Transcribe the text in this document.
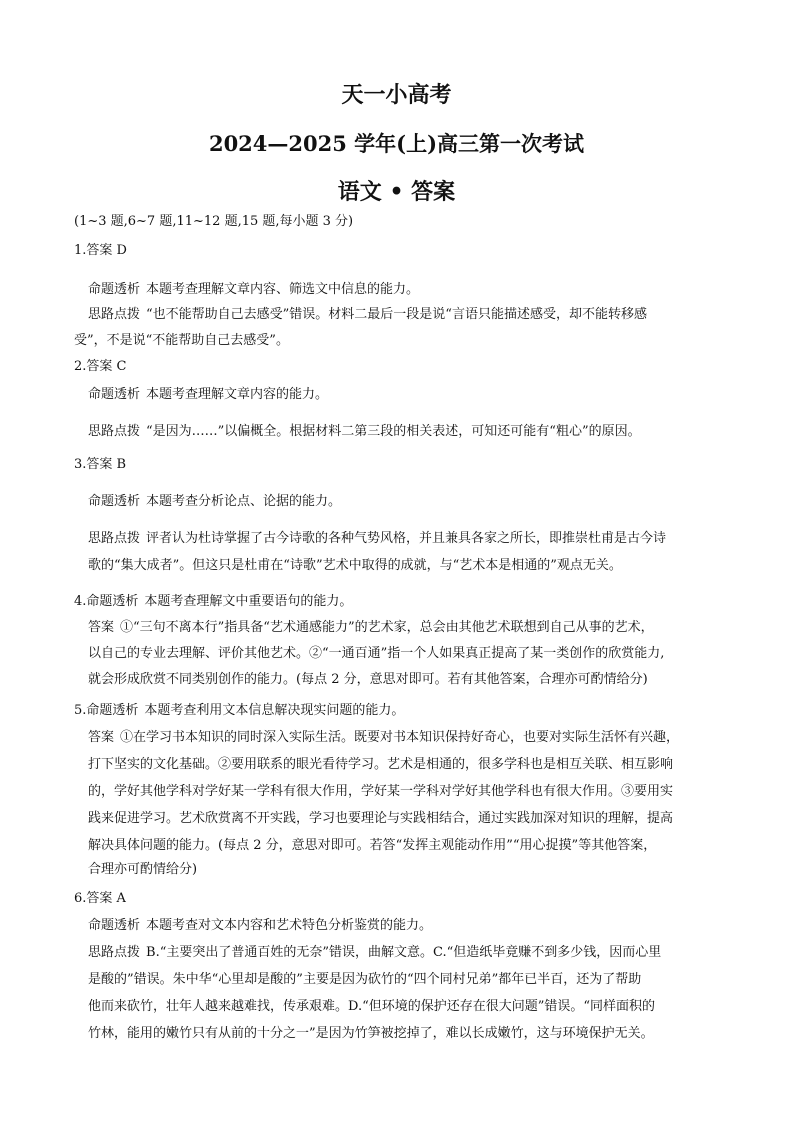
天一小高考
2024—2025 学年(上)高三第一次考试
语文 • 答案
(1~3 题,6~7 题,11~12 题,15 题,每小题 3 分)
1.答案 D
命题透析 本题考查理解文章内容、筛选文中信息的能力。
思路点拨 “也不能帮助自己去感受”错误。材料二最后一段是说“言语只能描述感受，却不能转移感
受”，不是说“不能帮助自己去感受”。
2.答案 C
命题透析 本题考查理解文章内容的能力。
思路点拨 “是因为……”以偏概全。根据材料二第三段的相关表述，可知还可能有“粗心”的原因。
3.答案 B
命题透析 本题考查分析论点、论据的能力。
思路点拨 评者认为杜诗掌握了古今诗歌的各种气势风格，并且兼具各家之所长，即推崇杜甫是古今诗
歌的“集大成者”。但这只是杜甫在“诗歌”艺术中取得的成就，与“艺术本是相通的”观点无关。
4.命题透析 本题考查理解文中重要语句的能力。
答案 ①“三句不离本行”指具备“艺术通感能力”的艺术家，总会由其他艺术联想到自己从事的艺术，
以自己的专业去理解、评价其他艺术。②“一通百通”指一个人如果真正提高了某一类创作的欣赏能力,
就会形成欣赏不同类别创作的能力。(每点 2 分，意思对即可。若有其他答案，合理亦可酌情给分)
5.命题透析 本题考查利用文本信息解决现实问题的能力。
答案 ①在学习书本知识的同时深入实际生活。既要对书本知识保持好奇心，也要对实际生活怀有兴趣，
打下坚实的文化基础。②要用联系的眼光看待学习。艺术是相通的，很多学科也是相互关联、相互影响
的，学好其他学科对学好某一学科有很大作用，学好某一学科对学好其他学科也有很大作用。③要用实
践来促进学习。艺术欣赏离不开实践，学习也要理论与实践相结合，通过实践加深对知识的理解，提高
解决具体问题的能力。(每点 2 分，意思对即可。若答“发挥主观能动作用”“用心捉摸”等其他答案，
合理亦可酌情给分)
6.答案 A
命题透析 本题考查对文本内容和艺术特色分析鉴赏的能力。
思路点拨 B.“主要突出了普通百姓的无奈”错误，曲解文意。C.“但造纸毕竟赚不到多少钱，因而心里
是酸的”错误。朱中华“心里却是酸的”主要是因为砍竹的“四个同村兄弟”都年已半百，还为了帮助
他而来砍竹，壮年人越来越难找，传承艰难。D.“但环境的保护还存在很大问题”错误。“同样面积的
竹林，能用的嫩竹只有从前的十分之一”是因为竹笋被挖掉了，难以长成嫩竹，这与环境保护无关。
